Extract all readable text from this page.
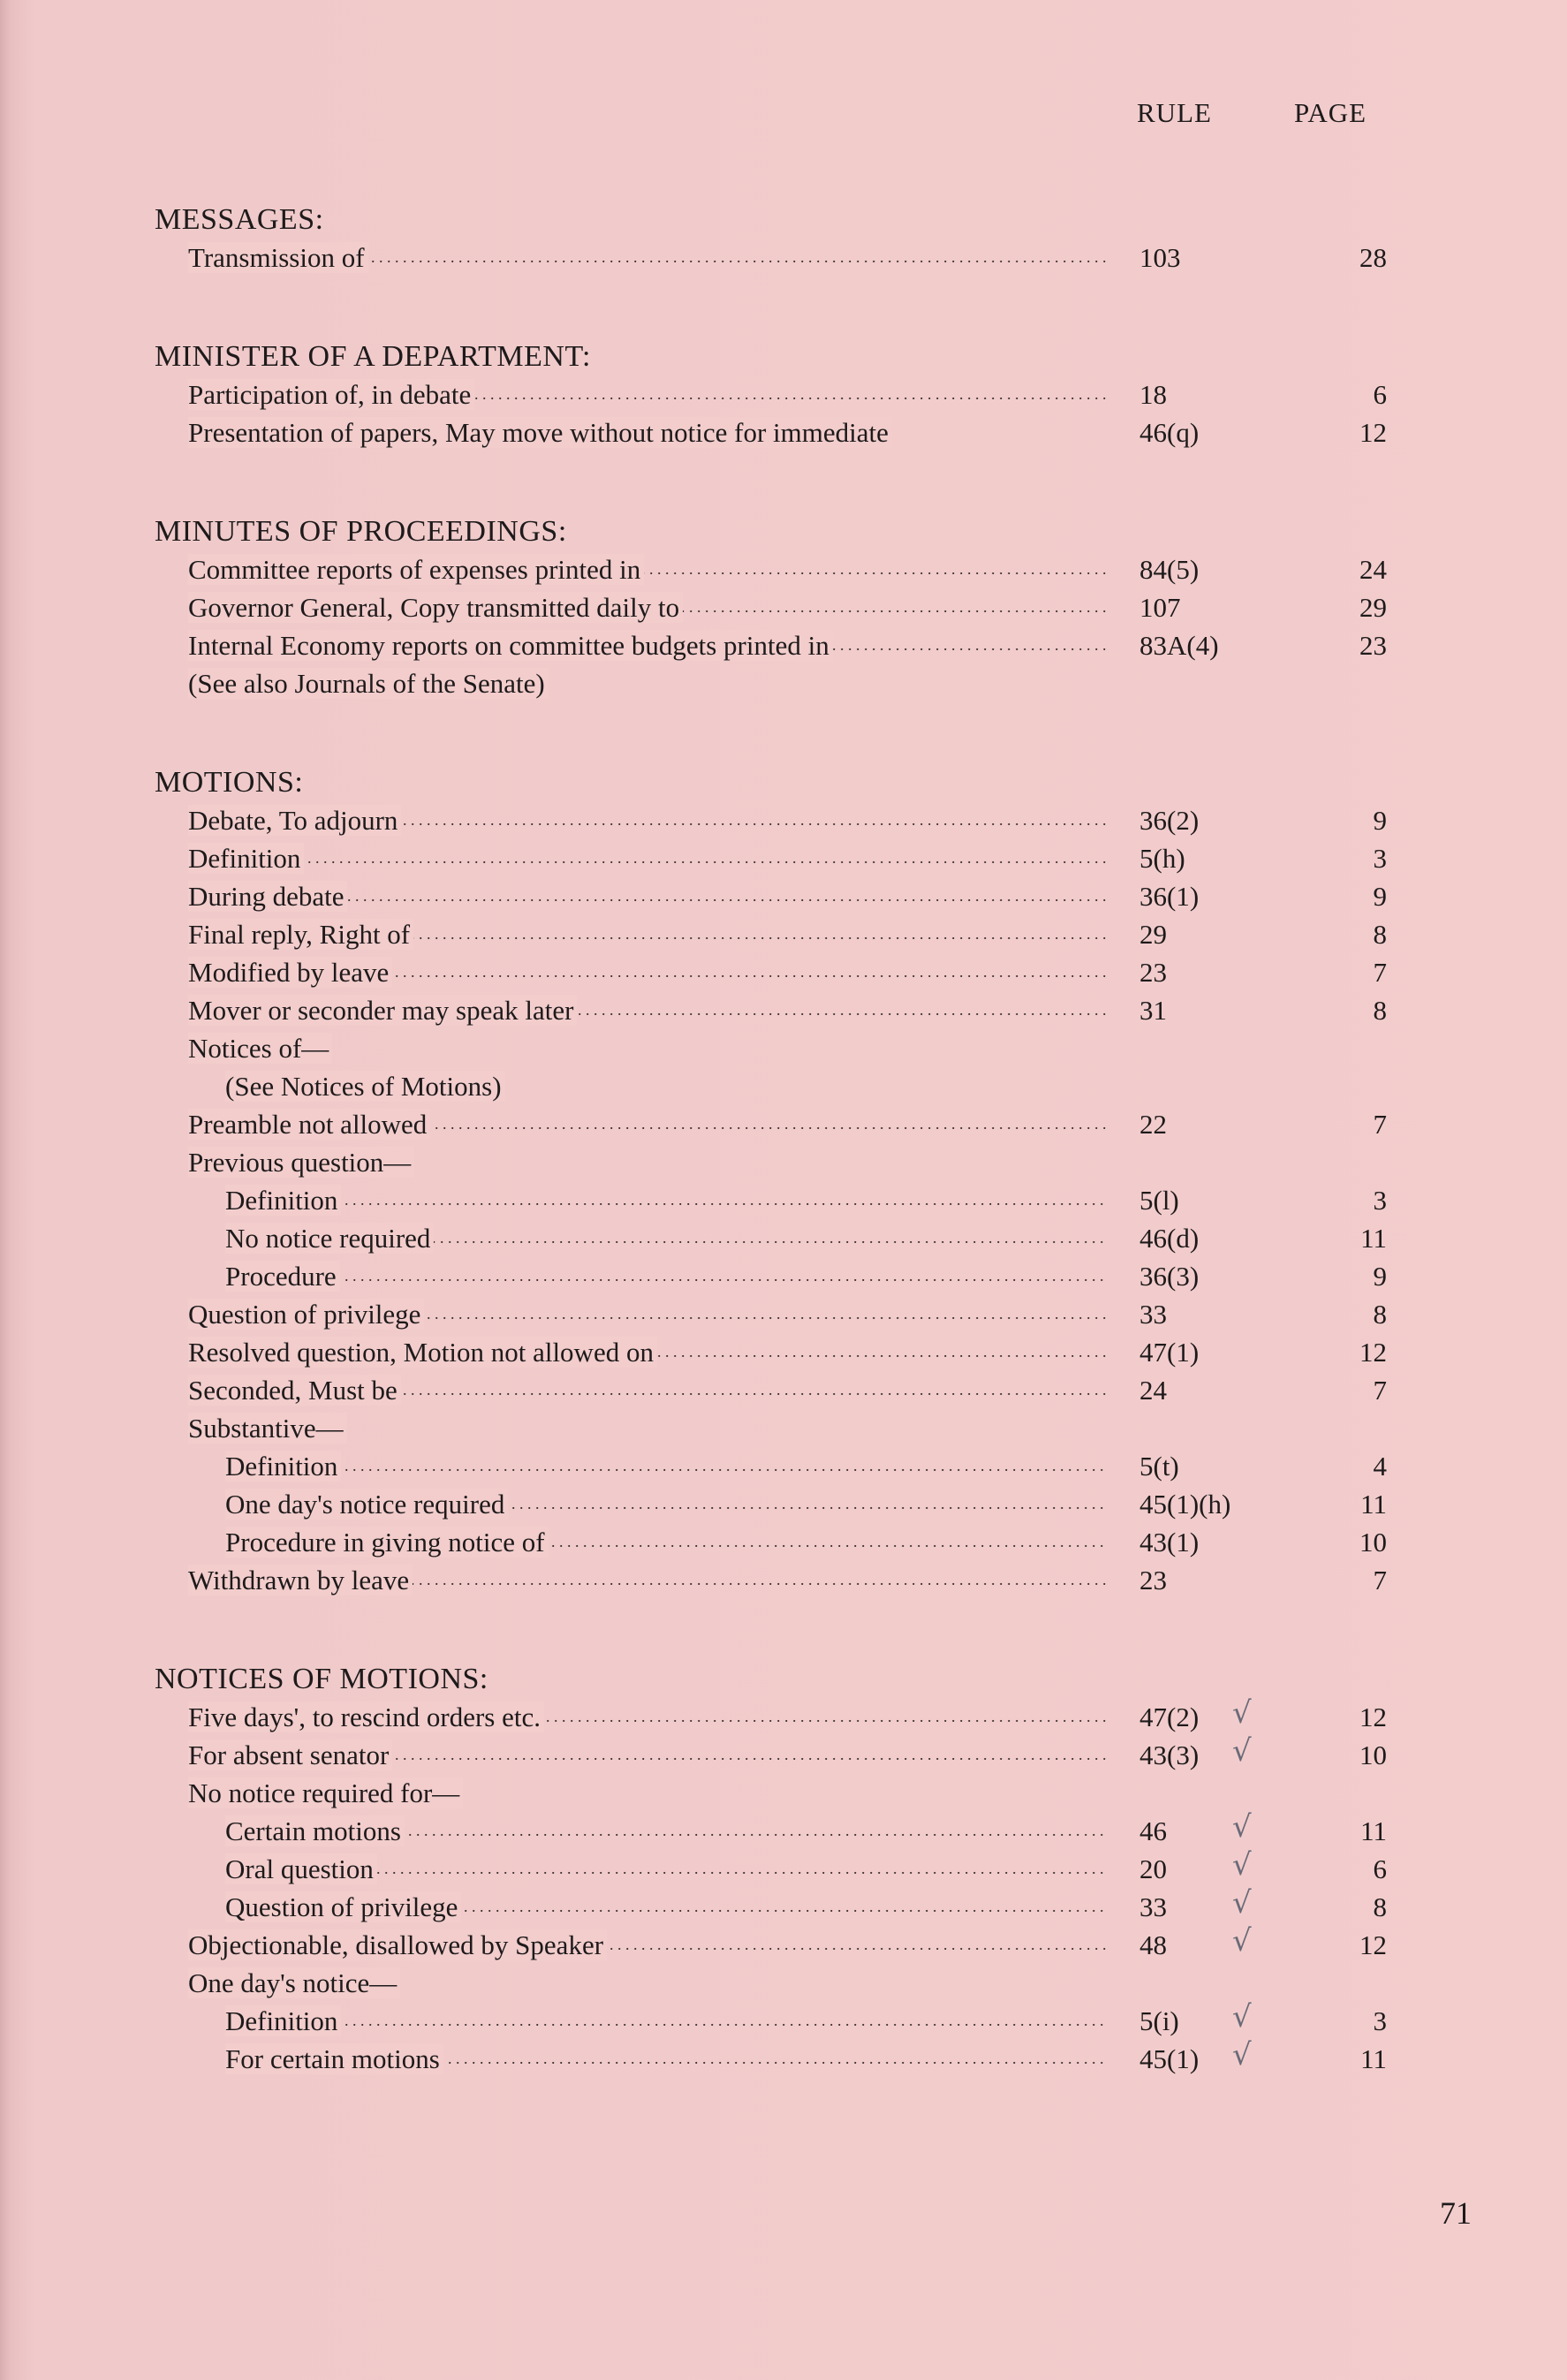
RULE	PAGE
MESSAGES:
Transmission of . . .	103	28
MINISTER OF A DEPARTMENT:
Participation of, in debate . . .	18	6
Presentation of papers, May move without notice for immediate	46(q)	12
MINUTES OF PROCEEDINGS:
Committee reports of expenses printed in . . .	84(5)	24
Governor General, Copy transmitted daily to . . .	107	29
Internal Economy reports on committee budgets printed in . . .	83A(4)	23
(See also Journals of the Senate)
MOTIONS:
Debate, To adjourn . . .	36(2)	9
Definition . . .	5(h)	3
During debate . . .	36(1)	9
Final reply, Right of . . .	29	8
Modified by leave . . .	23	7
Mover or seconder may speak later . . .	31	8
Notices of—
(See Notices of Motions)
Preamble not allowed . . .	22	7
Previous question—
Definition . . .	5(l)	3
No notice required . . .	46(d)	11
Procedure . . .	36(3)	9
Question of privilege . . .	33	8
Resolved question, Motion not allowed on . . .	47(1)	12
Seconded, Must be . . .	24	7
Substantive—
Definition . . .	5(t)	4
One day's notice required . . .	45(1)(h)	11
Procedure in giving notice of . . .	43(1)	10
Withdrawn by leave . . .	23	7
NOTICES OF MOTIONS:
Five days', to rescind orders etc. . . .	47(2) √	12
For absent senator . . .	43(3) √	10
No notice required for—
Certain motions . . .	46 √	11
Oral question . . .	20 √	6
Question of privilege . . .	33 √	8
Objectionable, disallowed by Speaker . . .	48 √	12
One day's notice—
Definition . . .	5(i) √	3
For certain motions . . .	45(1) √	11
71
